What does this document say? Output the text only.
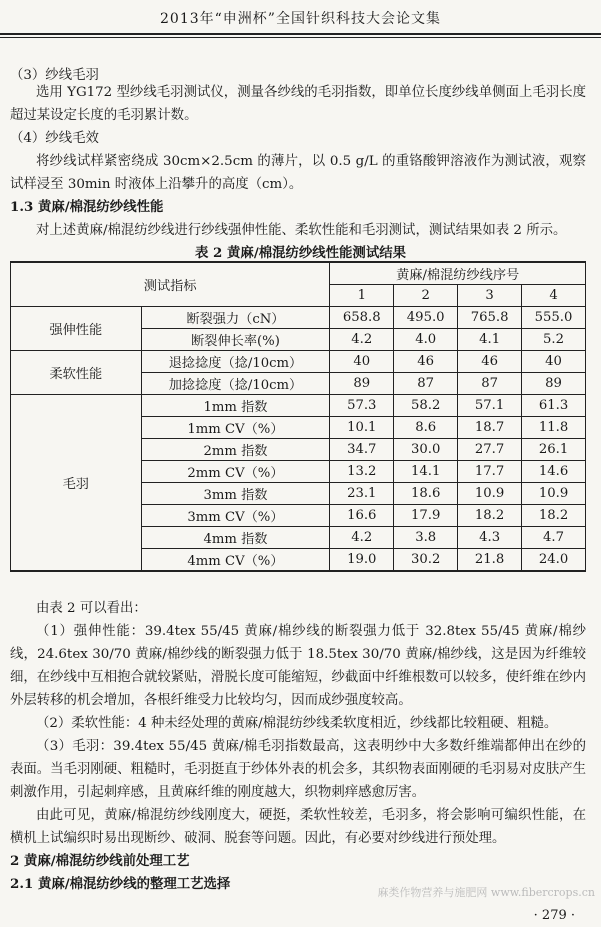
2013年“申洲杯”全国针织科技大会论文集
（3）纱线毛羽
选用 YG172 型纱线毛羽测试仪，测量各纱线的毛羽指数，即单位长度纱线单侧面上毛羽长度超过某设定长度的毛羽累计数。
（4）纱线毛效
将纱线试样紧密绕成 30cm×2.5cm 的薄片，以 0.5 g/L 的重铬酸钾溶液作为测试液，观察试样浸至 30min 时液体上沿攀升的高度（cm）。
1.3 黄麻/棉混纺纱线性能
对上述黄麻/棉混纺纱线进行纱线强伸性能、柔软性能和毛羽测试，测试结果如表 2 所示。
表 2 黄麻/棉混纺纱线性能测试结果
测试指标		黄麻/棉混纺纱线序号			
		1	2	3	4
强伸性能	断裂强力（cN）	658.8	495.0	765.8	555.0
	断裂伸长率(%)	4.2	4.0	4.1	5.2
柔软性能	退捻捻度（捻/10cm）	40	46	46	40
	加捻捻度（捻/10cm）	89	87	87	89
毛羽	1mm 指数	57.3	58.2	57.1	61.3
	1mm CV（%）	10.1	8.6	18.7	11.8
	2mm 指数	34.7	30.0	27.7	26.1
	2mm CV（%）	13.2	14.1	17.7	14.6
	3mm 指数	23.1	18.6	10.9	10.9
	3mm CV（%）	16.6	17.9	18.2	18.2
	4mm 指数	4.2	3.8	4.3	4.7
	4mm CV（%）	19.0	30.2	21.8	24.0
由表 2 可以看出：
（1）强伸性能：39.4tex 55/45 黄麻/棉纱线的断裂强力低于 32.8tex 55/45 黄麻/棉纱线，24.6tex 30/70 黄麻/棉纱线的断裂强力低于 18.5tex 30/70 黄麻/棉纱线，这是因为纤维较细，在纱线中互相抱合就较紧贴，滑脱长度可能缩短，纱截面中纤维根数可以较多，使纤维在纱内外层转移的机会增加，各根纤维受力比较均匀，因而成纱强度较高。
（2）柔软性能：4 种未经处理的黄麻/棉混纺纱线柔软度相近，纱线都比较粗硬、粗糙。
（3）毛羽：39.4tex 55/45 黄麻/棉毛羽指数最高，这表明纱中大多数纤维端都伸出在纱的表面。当毛羽刚硬、粗糙时，毛羽挺直于纱体外表的机会多，其织物表面刚硬的毛羽易对皮肤产生刺激作用，引起刺痒感，且黄麻纤维的刚度越大，织物刺痒感愈厉害。
由此可见，黄麻/棉混纺纱线刚度大，硬挺，柔软性较差，毛羽多，将会影响可编织性能，在横机上试编织时易出现断纱、破洞、脱套等问题。因此，有必要对纱线进行预处理。
2 黄麻/棉混纺纱线前处理工艺
2.1 黄麻/棉混纺纱线的整理工艺选择
麻类作物营养与施肥网 www.fibercrops.cn
· 279 ·
